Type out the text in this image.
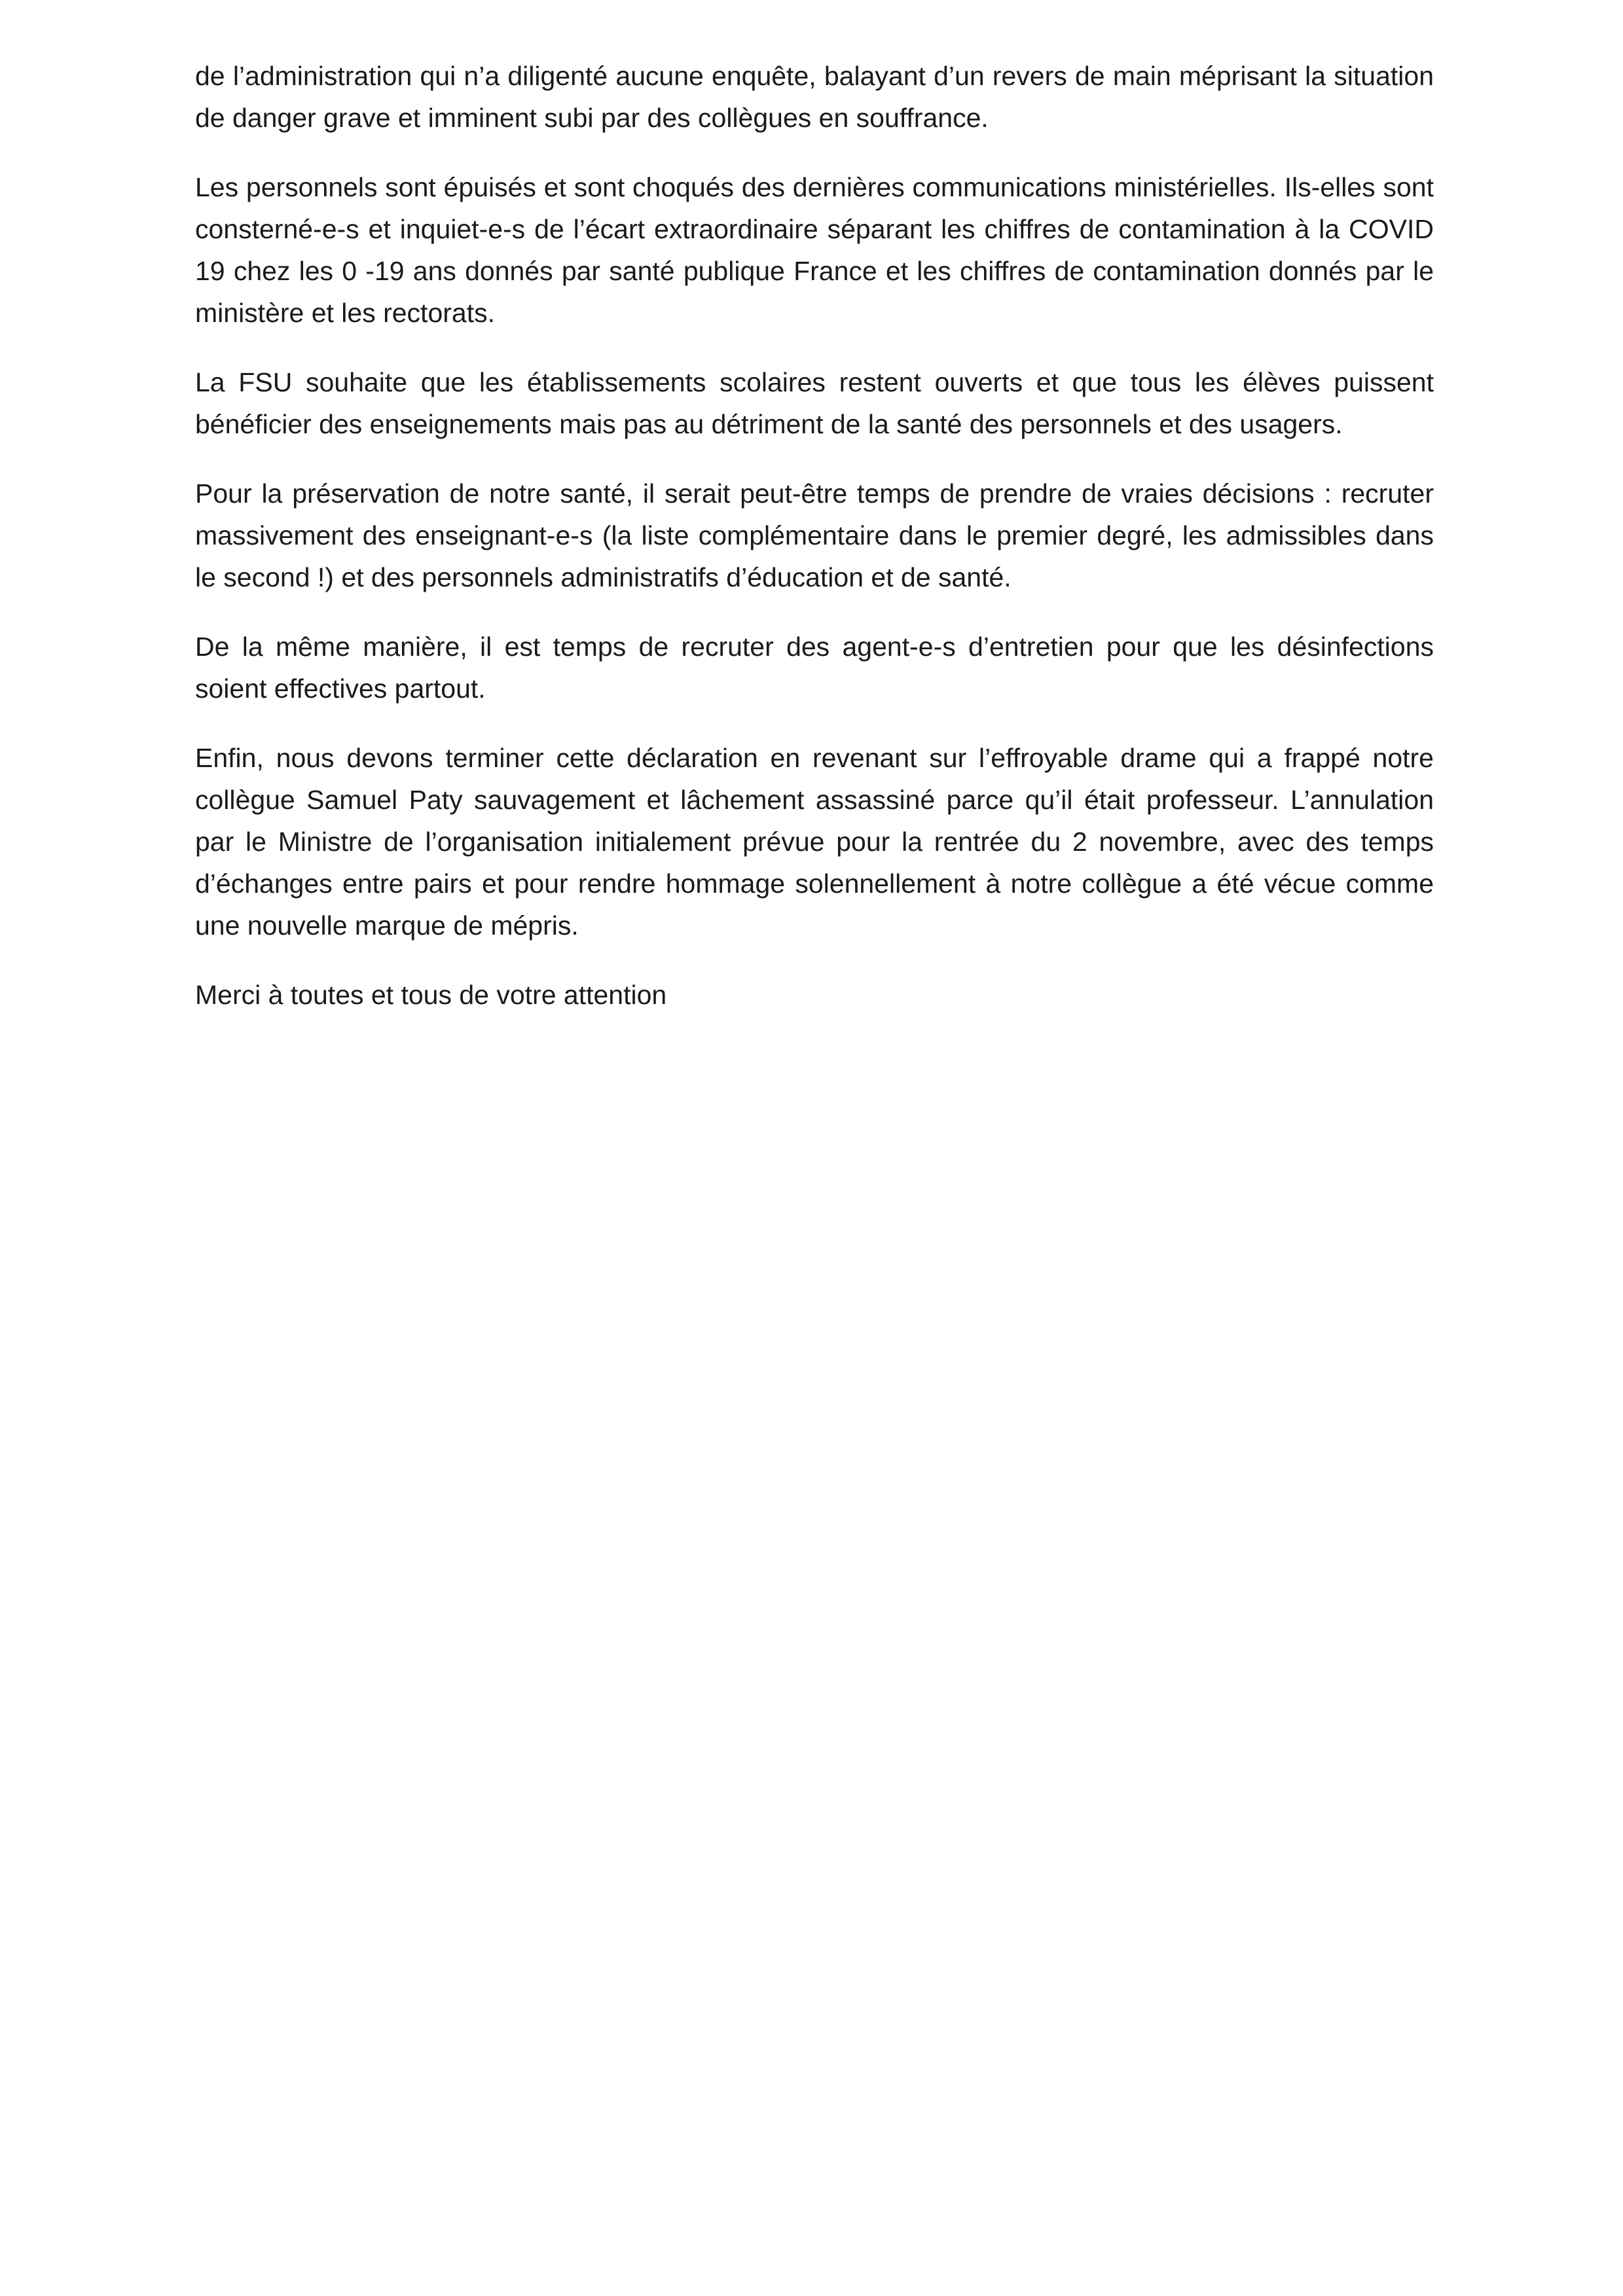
de l’administration qui n’a diligenté aucune enquête, balayant d’un revers de main méprisant la situation de danger grave et imminent subi par des collègues en souffrance.

Les personnels sont épuisés et sont choqués des dernières communications ministérielles. Ils-elles sont consterné-e-s et inquiet-e-s de l’écart extraordinaire séparant les chiffres de contamination à la COVID 19 chez les 0 -19 ans donnés par santé publique France et les chiffres de contamination donnés par le ministère et les rectorats.

La FSU souhaite que les établissements scolaires restent ouverts et que tous les élèves puissent bénéficier des enseignements mais pas au détriment de la santé des personnels et des usagers.

Pour la préservation de notre santé, il serait peut-être temps de prendre de vraies décisions : recruter massivement des enseignant-e-s (la liste complémentaire dans le premier degré, les admissibles dans le second !) et des personnels administratifs d’éducation et de santé.

De la même manière, il est temps de recruter des agent-e-s d’entretien pour que les désinfections soient effectives partout.

Enfin, nous devons terminer cette déclaration en revenant sur l’effroyable drame qui a frappé notre collègue Samuel Paty sauvagement et lâchement assassiné parce qu’il était professeur. L’annulation par le Ministre de l’organisation initialement prévue pour la rentrée du 2 novembre, avec des temps d’échanges entre pairs et pour rendre hommage solennellement à notre collègue a été vécue comme une nouvelle marque de mépris.

Merci à toutes et tous de votre attention
